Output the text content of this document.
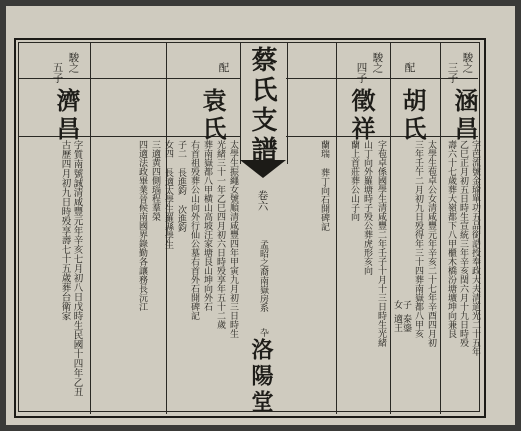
蔡氏支譜
卷六
孟昭之裔南嶽房系
卆
洛陽堂
駿之
三子
駿之
四子
涵昌
徵祥
配
胡氏
字芭流號金瑜單功五品銜誥授奉政大夫清道光二十五年
乙巳正月初五日時生宣統三年辛亥閏六月十九日時殁
壽六十七歲葬大嶺都下八甲櫃木橋汾塘壙坤向兼艮
字苞卓係國學生清咸豐二年壬子十月十三日時生光緒	太學生苞卓公女清咸豐元年辛亥二十七年辛酉四月初
三年壬午二月初九日殁得年三十四葬南嶽都八甲亥
山丁向外羅塘時子殁公葬虎形亥向
蘭上首莊葬公山子向
子
泰鎏
女
適王
蘭瑞 葬丁向石開碑記
駿之
五子
濟昌
配
袁氏
字質南號誠清咸豐元年辛亥七月初八日戊時生民國十四年乙丑
古歷四月初九日時殁享壽七十五歲葬台衛家	太學生振繩女號順清咸豐四年甲寅九月初三日時生
光緒三十一年乙巳四月初六日時殁享年五十二歲
葬南嶽都八甲横山高坡汪家塘艮山坤向外石
右首祖殁葬公山向外行仙公墓右首外石開碑記
子二 長進鈞 次進鈞
女四 長適太學生羅縣學生
三適黄四側瑙程羣榮
四適法政畢業晉候南國界錄勤各讓務長沅江
